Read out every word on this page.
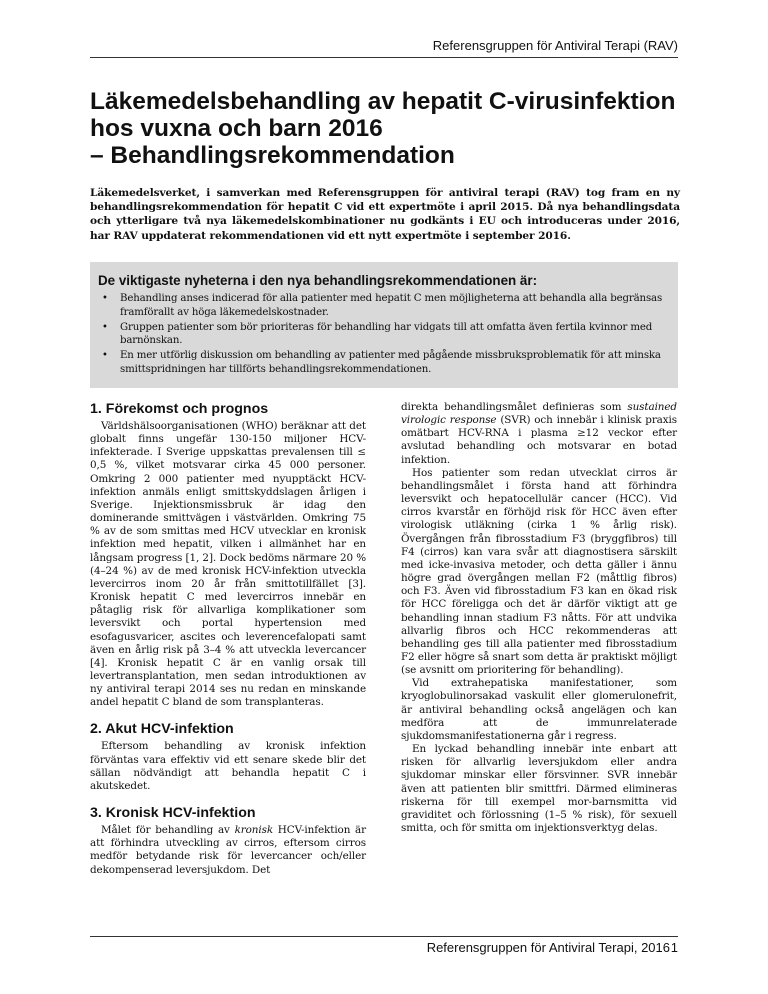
Referensgruppen för Antiviral Terapi (RAV)
Läkemedelsbehandling av hepatit C-virusinfektion
hos vuxna och barn 2016
– Behandlingsrekommendation

Läkemedelsverket, i samverkan med Referensgruppen för antiviral terapi (RAV) tog fram en ny behandlingsrekommendation för hepatit C vid ett expertmöte i april 2015. Då nya behandlingsdata och ytterligare två nya läkemedelskombinationer nu godkänts i EU och introduceras under 2016, har RAV uppdaterat rekommendationen vid ett nytt expertmöte i september 2016.

De viktigaste nyheterna i den nya behandlingsrekommendationen är:
• Behandling anses indicerad för alla patienter med hepatit C men möjligheterna att behandla alla begränsas framförallt av höga läkemedelskostnader.
• Gruppen patienter som bör prioriteras för behandling har vidgats till att omfatta även fertila kvinnor med barnönskan.
• En mer utförlig diskussion om behandling av patienter med pågående missbruksproblematik för att minska smittspridningen har tillförts behandlingsrekommendationen.
1. Förekomst och prognos

Världshälsoorganisationen (WHO) beräknar att det globalt finns ungefär 130-150 miljoner HCV-infekterade. I Sverige uppskattas prevalensen till ≤ 0,5 %, vilket motsvarar cirka 45 000 personer. Omkring 2 000 patienter med nyupptäckt HCV-infektion anmäls enligt smittskyddslagen årligen i Sverige. Injektionsmissbruk är idag den dominerande smittvägen i västvärlden. Omkring 75 % av de som smittas med HCV utvecklar en kronisk infektion med hepatit, vilken i allmänhet har en långsam progress [1, 2]. Dock bedöms närmare 20 % (4–24 %) av de med kronisk HCV-infektion utveckla levercirros inom 20 år från smittotillfället [3]. Kronisk hepatit C med levercirros innebär en påtaglig risk för allvarliga komplikationer som leversvikt och portal hypertension med esofagusvaricer, ascites och leverencefalopati samt även en årlig risk på 3–4 % att utveckla levercancer [4]. Kronisk hepatit C är en vanlig orsak till levertransplantation, men sedan introduktionen av ny antiviral terapi 2014 ses nu redan en minskande andel hepatit C bland de som transplanteras.

2. Akut HCV-infektion

Eftersom behandling av kronisk infektion förväntas vara effektiv vid ett senare skede blir det sällan nödvändigt att behandla hepatit C i akutskedet.

3. Kronisk HCV-infektion

Målet för behandling av kronisk HCV-infektion är att förhindra utveckling av cirros, eftersom cirros medför betydande risk för levercancer och/eller dekompenserad leversjukdom. Det

direkta behandlingsmålet definieras som sustained virologic response (SVR) och innebär i klinisk praxis omätbart HCV-RNA i plasma ≥12 veckor efter avslutad behandling och motsvarar en botad infektion.

Hos patienter som redan utvecklat cirros är behandlingsmålet i första hand att förhindra leversvikt och hepatocellulär cancer (HCC). Vid cirros kvarstår en förhöjd risk för HCC även efter virologisk utläkning (cirka 1 % årlig risk). Övergången från fibrosstadium F3 (bryggfibros) till F4 (cirros) kan vara svår att diagnostisera särskilt med icke-invasiva metoder, och detta gäller i ännu högre grad övergången mellan F2 (måttlig fibros) och F3. Även vid fibrosstadium F3 kan en ökad risk för HCC föreligga och det är därför viktigt att ge behandling innan stadium F3 nåtts. För att undvika allvarlig fibros och HCC rekommenderas att behandling ges till alla patienter med fibrosstadium F2 eller högre så snart som detta är praktiskt möjligt (se avsnitt om prioritering för behandling).

Vid extrahepatiska manifestationer, som kryoglobulinorsakad vaskulit eller glomerulonefrit, är antiviral behandling också angelägen och kan medföra att de immunrelaterade sjukdomsmanifestationerna går i regress.

En lyckad behandling innebär inte enbart att risken för allvarlig leversjukdom eller andra sjukdomar minskar eller försvinner. SVR innebär även att patienten blir smittfri. Därmed elimineras riskerna för till exempel mor-barnsmitta vid graviditet och förlossning (1–5 % risk), för sexuell smitta, och för smitta om injektionsverktyg delas.

Referensgruppen för Antiviral Terapi, 2016 1
